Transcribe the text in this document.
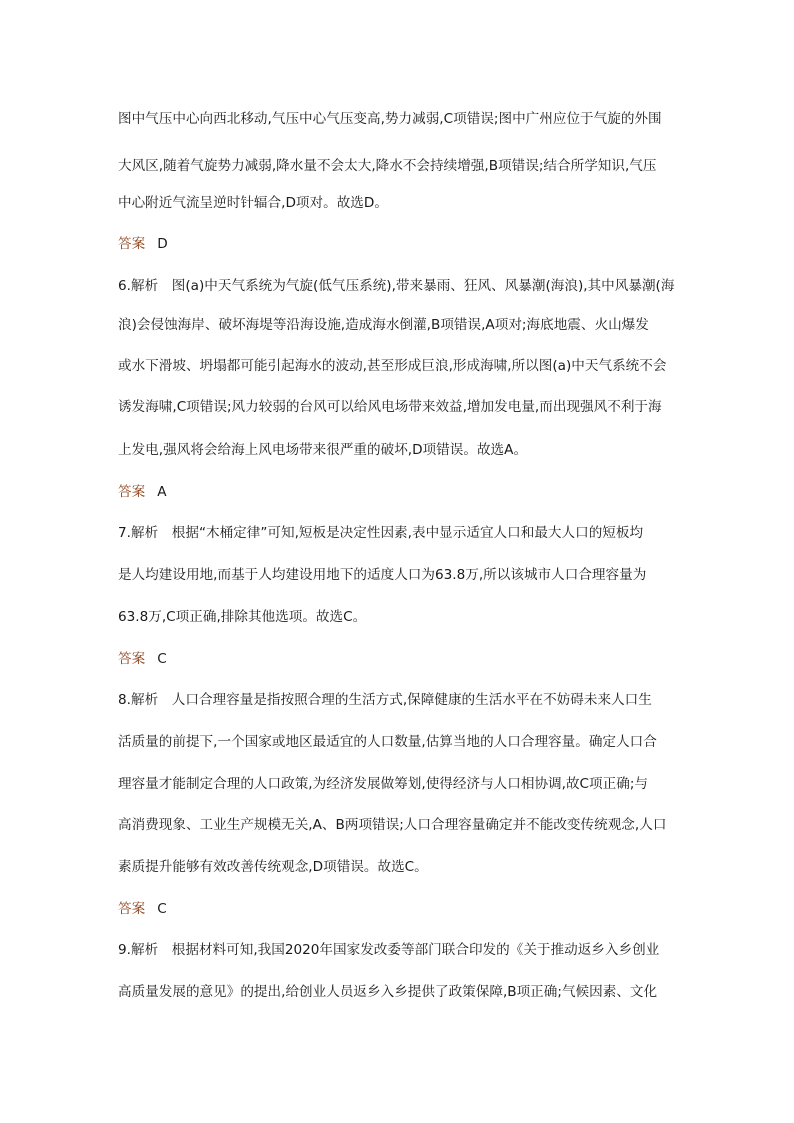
图中气压中心向西北移动,气压中心气压变高,势力减弱,C项错误;图中广州应位于气旋的外围
大风区,随着气旋势力减弱,降水量不会太大,降水不会持续增强,B项错误;结合所学知识,气压
中心附近气流呈逆时针辐合,D项对。故选D。
答案 D
6.解析　图(a)中天气系统为气旋(低气压系统),带来暴雨、狂风、风暴潮(海浪),其中风暴潮(海
浪)会侵蚀海岸、破坏海堤等沿海设施,造成海水倒灌,B项错误,A项对;海底地震、火山爆发
或水下滑坡、坍塌都可能引起海水的波动,甚至形成巨浪,形成海啸,所以图(a)中天气系统不会
诱发海啸,C项错误;风力较弱的台风可以给风电场带来效益,增加发电量,而出现强风不利于海
上发电,强风将会给海上风电场带来很严重的破坏,D项错误。故选A。
答案 A
7.解析　根据“木桶定律”可知,短板是决定性因素,表中显示适宜人口和最大人口的短板均
是人均建设用地,而基于人均建设用地下的适度人口为63.8万,所以该城市人口合理容量为
63.8万,C项正确,排除其他选项。故选C。
答案 C
8.解析　人口合理容量是指按照合理的生活方式,保障健康的生活水平在不妨碍未来人口生
活质量的前提下,一个国家或地区最适宜的人口数量,估算当地的人口合理容量。确定人口合
理容量才能制定合理的人口政策,为经济发展做筹划,使得经济与人口相协调,故C项正确;与
高消费现象、工业生产规模无关,A、B两项错误;人口合理容量确定并不能改变传统观念,人口
素质提升能够有效改善传统观念,D项错误。故选C。
答案 C
9.解析　根据材料可知,我国2020年国家发改委等部门联合印发的《关于推动返乡入乡创业
高质量发展的意见》的提出,给创业人员返乡入乡提供了政策保障,B项正确;气候因素、文化
